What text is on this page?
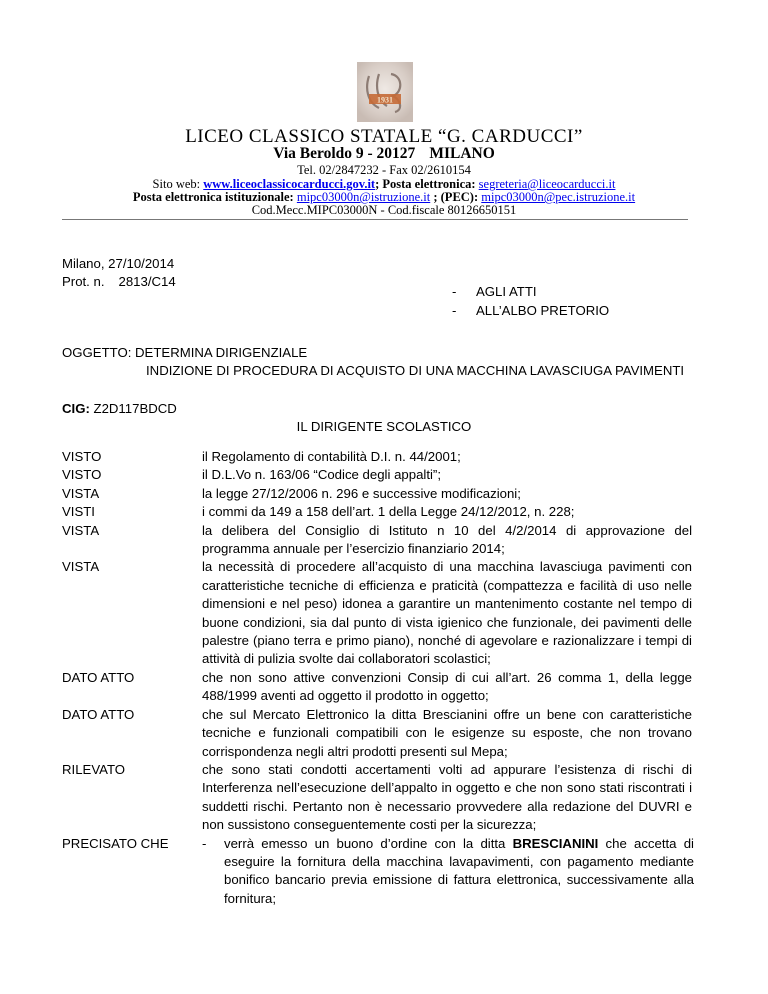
1931
LICEO CLASSICO STATALE “G. CARDUCCI”
Via Beroldo 9 - 20127 MILANO
Tel. 02/2847232 - Fax 02/2610154
Sito web: www.liceoclassicocarducci.gov.it; Posta elettronica: segreteria@liceocarducci.it
Posta elettronica istituzionale: mipc03000n@istruzione.it ; (PEC): mipc03000n@pec.istruzione.it
Cod.Mecc.MIPC03000N - Cod.fiscale 80126650151
Milano, 27/10/2014
Prot. n. 2813/C14
- AGLI ATTI
- ALL’ALBO PRETORIO
OGGETTO: DETERMINA DIRIGENZIALE
INDIZIONE DI PROCEDURA DI ACQUISTO DI UNA MACCHINA LAVASCIUGA PAVIMENTI
CIG: Z2D117BDCD
IL DIRIGENTE SCOLASTICO
VISTO	il Regolamento di contabilità D.I. n. 44/2001;
VISTO	il D.L.Vo n. 163/06 “Codice degli appalti”;
VISTA	la legge 27/12/2006 n. 296 e successive modificazioni;
VISTI	i commi da 149 a 158 dell’art. 1 della Legge 24/12/2012, n. 228;
VISTA	la delibera del Consiglio di Istituto n 10 del 4/2/2014 di approvazione del programma annuale per l’esercizio finanziario 2014;
VISTA	la necessità di procedere all’acquisto di una macchina lavasciuga pavimenti con caratteristiche tecniche di efficienza e praticità (compattezza e facilità di uso nelle dimensioni e nel peso) idonea a garantire un mantenimento costante nel tempo di buone condizioni, sia dal punto di vista igienico che funzionale, dei pavimenti delle palestre (piano terra e primo piano), nonché di agevolare e razionalizzare i tempi di attività di pulizia svolte dai collaboratori scolastici;
DATO ATTO	che non sono attive convenzioni Consip di cui all’art. 26 comma 1, della legge 488/1999 aventi ad oggetto il prodotto in oggetto;
DATO ATTO	che sul Mercato Elettronico la ditta Brescianini offre un bene con caratteristiche tecniche e funzionali compatibili con le esigenze su esposte, che non trovano corrispondenza negli altri prodotti presenti sul Mepa;
RILEVATO	che sono stati condotti accertamenti volti ad appurare l’esistenza di rischi di Interferenza nell’esecuzione dell’appalto in oggetto e che non sono stati riscontrati i suddetti rischi. Pertanto non è necessario provvedere alla redazione del DUVRI e non sussistono conseguentemente costi per la sicurezza;
PRECISATO CHE	-	verrà emesso un buono d’ordine con la ditta BRESCIANINI che accetta di eseguire la fornitura della macchina lavapavimenti, con pagamento mediante bonifico bancario previa emissione di fattura elettronica, successivamente alla fornitura;
